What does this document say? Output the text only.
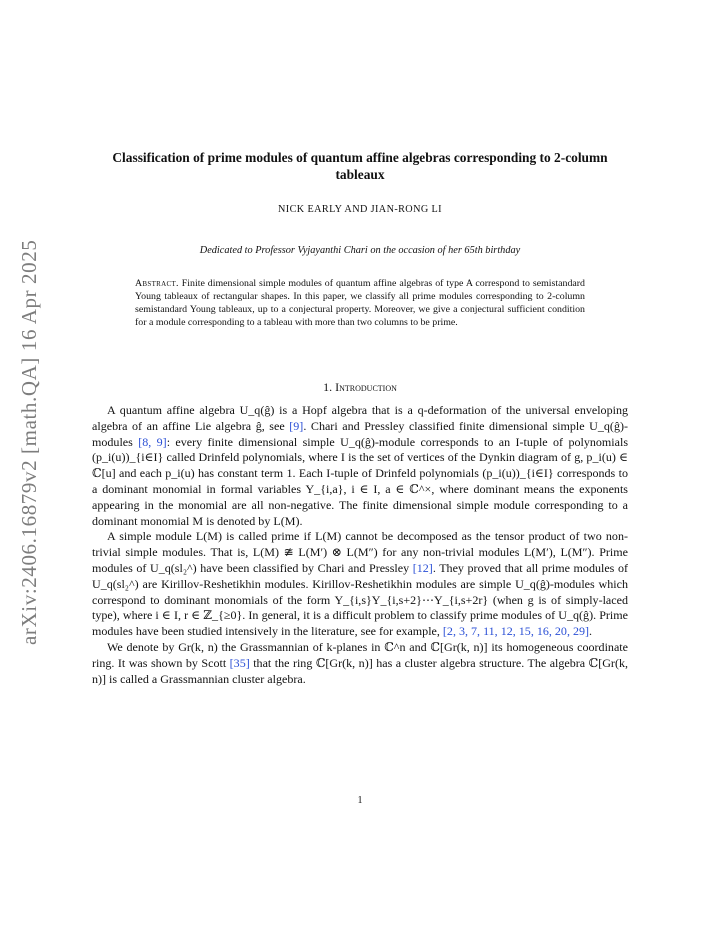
arXiv:2406.16879v2 [math.QA] 16 Apr 2025
Classification of prime modules of quantum affine algebras corresponding to 2-column tableaux
NICK EARLY AND JIAN-RONG LI
Dedicated to Professor Vyjayanthi Chari on the occasion of her 65th birthday
Abstract. Finite dimensional simple modules of quantum affine algebras of type A correspond to semistandard Young tableaux of rectangular shapes. In this paper, we classify all prime modules corresponding to 2-column semistandard Young tableaux, up to a conjectural property. Moreover, we give a conjectural sufficient condition for a module corresponding to a tableau with more than two columns to be prime.
1. Introduction

A quantum affine algebra U_q(ĝ) is a Hopf algebra that is a q-deformation of the universal enveloping algebra of an affine Lie algebra ĝ, see [9]. Chari and Pressley classified finite dimensional simple U_q(ĝ)-modules [8, 9]: every finite dimensional simple U_q(ĝ)-module corresponds to an I-tuple of polynomials (p_i(u))_{i∈I} called Drinfeld polynomials, where I is the set of vertices of the Dynkin diagram of g, p_i(u) ∈ ℂ[u] and each p_i(u) has constant term 1. Each I-tuple of Drinfeld polynomials (p_i(u))_{i∈I} corresponds to a dominant monomial in formal variables Y_{i,a}, i ∈ I, a ∈ ℂ^×, where dominant means the exponents appearing in the monomial are all non-negative. The finite dimensional simple module corresponding to a dominant monomial M is denoted by L(M).

A simple module L(M) is called prime if L(M) cannot be decomposed as the tensor product of two non-trivial simple modules. That is, L(M) ≇ L(M′) ⊗ L(M″) for any non-trivial modules L(M′), L(M″). Prime modules of U_q(sl₂^) have been classified by Chari and Pressley [12]. They proved that all prime modules of U_q(sl₂^) are Kirillov-Reshetikhin modules. Kirillov-Reshetikhin modules are simple U_q(ĝ)-modules which correspond to dominant monomials of the form Y_{i,s}Y_{i,s+2}⋯Y_{i,s+2r} (when g is of simply-laced type), where i ∈ I, r ∈ ℤ_{≥0}. In general, it is a difficult problem to classify prime modules of U_q(ĝ). Prime modules have been studied intensively in the literature, see for example, [2, 3, 7, 11, 12, 15, 16, 20, 29].

We denote by Gr(k, n) the Grassmannian of k-planes in ℂ^n and ℂ[Gr(k, n)] its homogeneous coordinate ring. It was shown by Scott [35] that the ring ℂ[Gr(k, n)] has a cluster algebra structure. The algebra ℂ[Gr(k, n)] is called a Grassmannian cluster algebra.

1
